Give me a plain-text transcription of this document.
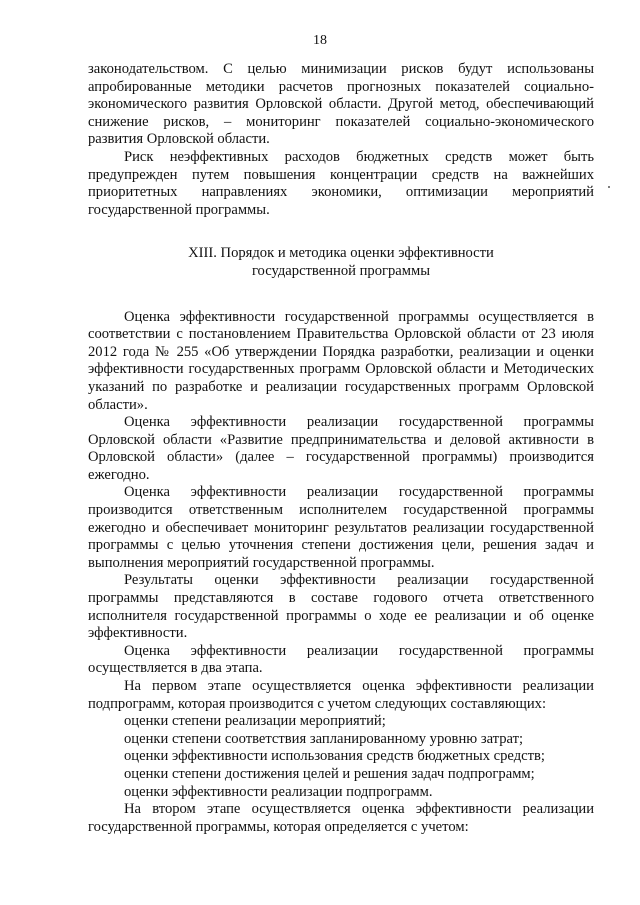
18

законодательством. С целью минимизации рисков будут использованы апробированные методики расчетов прогнозных показателей социально-экономического развития Орловской области. Другой метод, обеспечивающий снижение рисков, – мониторинг показателей социально-экономического развития Орловской области.

Риск неэффективных расходов бюджетных средств может быть предупрежден путем повышения концентрации средств на важнейших приоритетных направлениях экономики, оптимизации мероприятий государственной программы.

XIII. Порядок и методика оценки эффективности

государственной программы

Оценка эффективности государственной программы осуществляется в соответствии с постановлением Правительства Орловской области от 23 июля 2012 года № 255 «Об утверждении Порядка разработки, реализации и оценки эффективности государственных программ Орловской области и Методических указаний по разработке и реализации государственных программ Орловской области».

Оценка эффективности реализации государственной программы Орловской области «Развитие предпринимательства и деловой активности в Орловской области» (далее – государственной программы) производится ежегодно.

Оценка эффективности реализации государственной программы производится ответственным исполнителем государственной программы ежегодно и обеспечивает мониторинг результатов реализации государственной программы с целью уточнения степени достижения цели, решения задач и выполнения мероприятий государственной программы.

Результаты оценки эффективности реализации государственной программы представляются в составе годового отчета ответственного исполнителя государственной программы о ходе ее реализации и об оценке эффективности.

Оценка эффективности реализации государственной программы осуществляется в два этапа.

На первом этапе осуществляется оценка эффективности реализации подпрограмм, которая производится с учетом следующих составляющих:

оценки степени реализации мероприятий;

оценки степени соответствия запланированному уровню затрат;

оценки эффективности использования средств бюджетных средств;

оценки степени достижения целей и решения задач подпрограмм;

оценки эффективности реализации подпрограмм.

На втором этапе осуществляется оценка эффективности реализации государственной программы, которая определяется с учетом:
